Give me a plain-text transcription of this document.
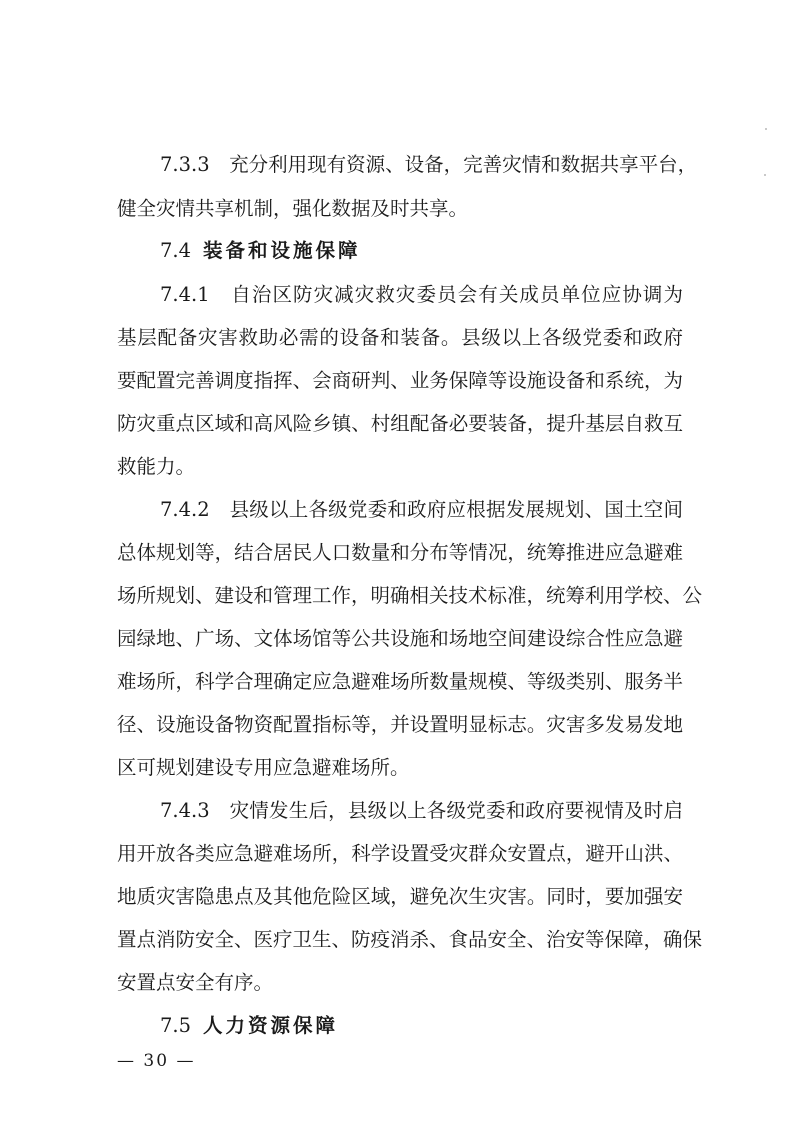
7.3.3　充分利用现有资源、设备，完善灾情和数据共享平台，
健全灾情共享机制，强化数据及时共享。
7.4 装备和设施保障
7.4.1　自治区防灾减灾救灾委员会有关成员单位应协调为
基层配备灾害救助必需的设备和装备。县级以上各级党委和政府
要配置完善调度指挥、会商研判、业务保障等设施设备和系统，为
防灾重点区域和高风险乡镇、村组配备必要装备，提升基层自救互
救能力。
7.4.2　县级以上各级党委和政府应根据发展规划、国土空间
总体规划等，结合居民人口数量和分布等情况，统筹推进应急避难
场所规划、建设和管理工作，明确相关技术标准，统筹利用学校、公
园绿地、广场、文体场馆等公共设施和场地空间建设综合性应急避
难场所，科学合理确定应急避难场所数量规模、等级类别、服务半
径、设施设备物资配置指标等，并设置明显标志。灾害多发易发地
区可规划建设专用应急避难场所。
7.4.3　灾情发生后，县级以上各级党委和政府要视情及时启
用开放各类应急避难场所，科学设置受灾群众安置点，避开山洪、
地质灾害隐患点及其他危险区域，避免次生灾害。同时，要加强安
置点消防安全、医疗卫生、防疫消杀、食品安全、治安等保障，确保
安置点安全有序。
7.5 人力资源保障
— 30 —
